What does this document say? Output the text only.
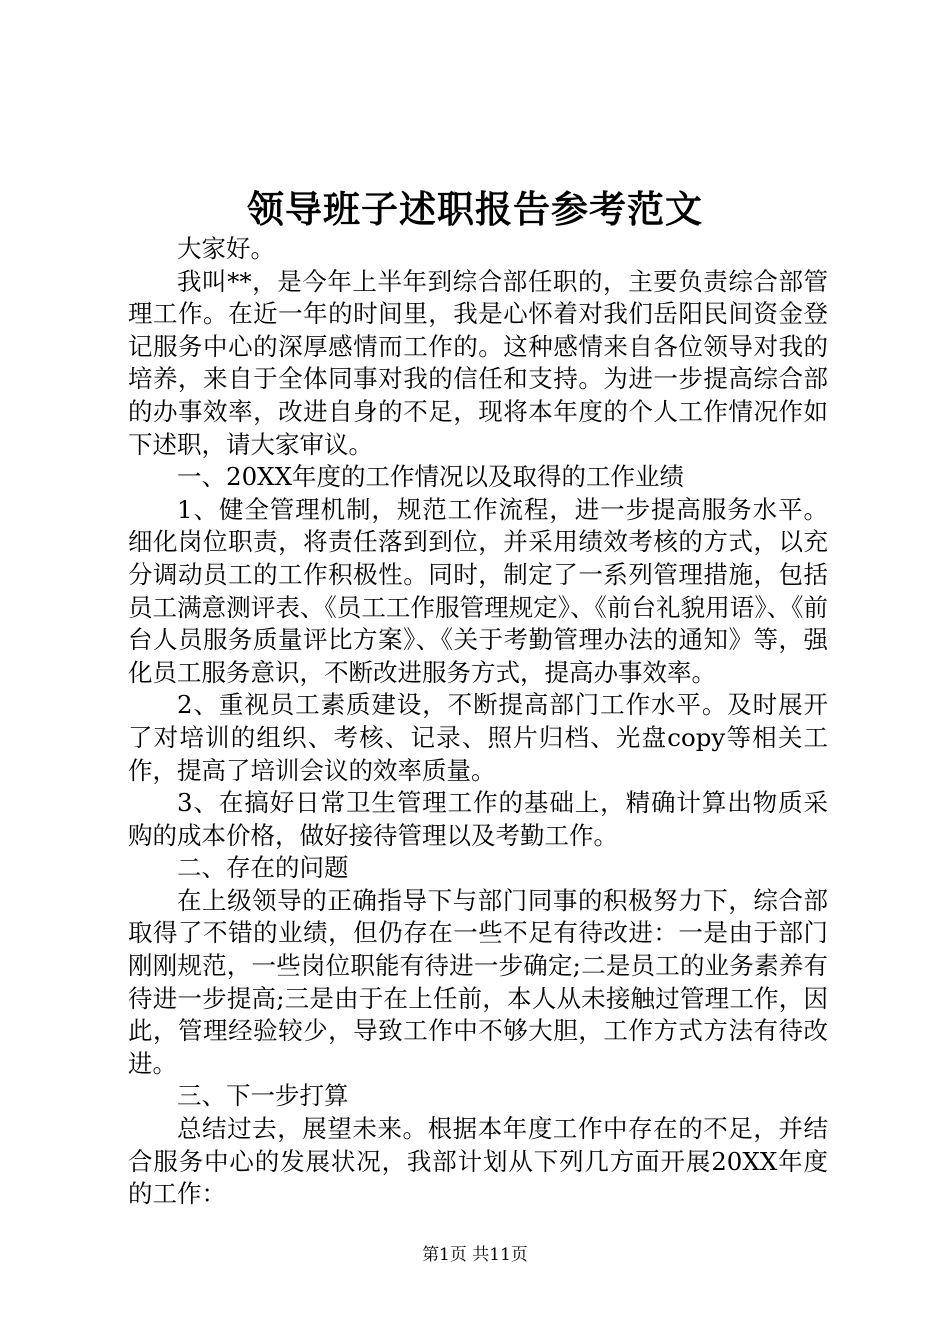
领导班子述职报告参考范文

大家好。

我叫**，是今年上半年到综合部任职的，主要负责综合部管理工作。在近一年的时间里，我是心怀着对我们岳阳民间资金登记服务中心的深厚感情而工作的。这种感情来自各位领导对我的培养，来自于全体同事对我的信任和支持。为进一步提高综合部的办事效率，改进自身的不足，现将本年度的个人工作情况作如下述职，请大家审议。

一、20XX年度的工作情况以及取得的工作业绩

1、健全管理机制，规范工作流程，进一步提高服务水平。细化岗位职责，将责任落到到位，并采用绩效考核的方式，以充分调动员工的工作积极性。同时，制定了一系列管理措施，包括员工满意测评表、《员工工作服管理规定》、《前台礼貌用语》、《前台人员服务质量评比方案》、《关于考勤管理办法的通知》等，强化员工服务意识，不断改进服务方式，提高办事效率。

2、重视员工素质建设，不断提高部门工作水平。及时展开了对培训的组织、考核、记录、照片归档、光盘copy等相关工作，提高了培训会议的效率质量。

3、在搞好日常卫生管理工作的基础上，精确计算出物质采购的成本价格，做好接待管理以及考勤工作。

二、存在的问题

在上级领导的正确指导下与部门同事的积极努力下，综合部取得了不错的业绩，但仍存在一些不足有待改进：一是由于部门刚刚规范，一些岗位职能有待进一步确定;二是员工的业务素养有待进一步提高;三是由于在上任前，本人从未接触过管理工作，因此，管理经验较少，导致工作中不够大胆，工作方式方法有待改进。

三、下一步打算

总结过去，展望未来。根据本年度工作中存在的不足，并结合服务中心的发展状况，我部计划从下列几方面开展20XX年度的工作：

第1页 共11页
